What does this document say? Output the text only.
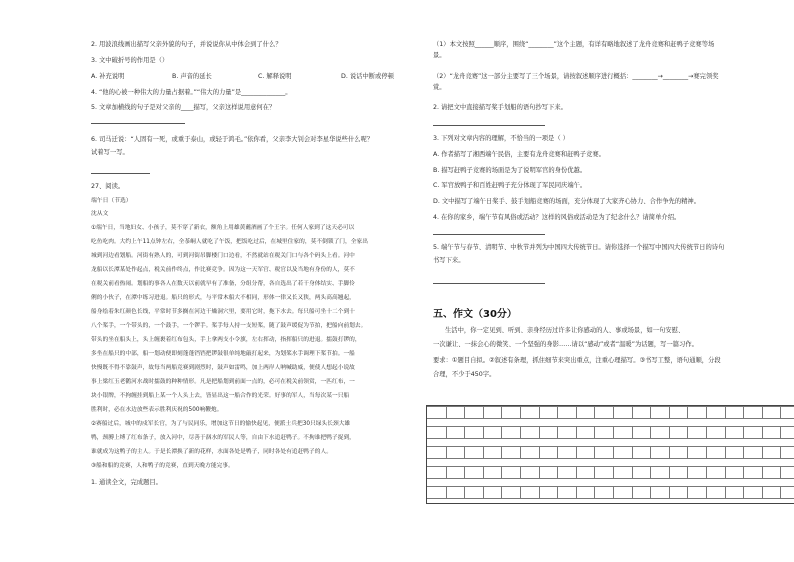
2. 用波浪线画出描写父亲外貌的句子，并说说你从中体会到了什么？
3. 文中破折号的作用是（）
A. 补充说明	B. 声音的延长	C. 解释说明	D. 说话中断或停顿
4. “他的心被一种伟大的力量占据着。”“伟大的力量”是______________。
5. 文章加横线的句子是对父亲的____描写，父亲这样说用意何在？
6. 司马迁说：“人固有一死，或重于泰山，或轻于鸿毛。”依你看，父亲李大钊会对李星华说些什么呢？
试着写一写。
27、阅读。
端午日（节选）
沈从文
①端午日，当地妇女、小孩子，莫不穿了新衣，额角上用雄黄蘸酒画了个王字。任何人家到了这天必可以
吃鱼吃肉。大约上午11点钟左右，全茶峒人就吃了午饭，把饭吃过后，在城里住家的，莫不倒锁了门，全家出
城到河边看划船。河街有熟人的，可到河街吊脚楼门口边看，不然就站在税关门口与各个码头上看。河中
龙船以长潭某处作起点，税关前作终点，作比赛竞争。因为这一天军官、税官以及当地有身份的人，莫不
在税关前看热闹。划船的事各人在数天以前就早有了准备，分组分帮，各自选出了若干身体结实、手脚伶
俐的小伙子，在潭中练习进退。船只的形式，与平常木船大不相同，形体一律又长又狭，两头高高翘起，
船身绘着朱红颜色长线，平常时节多搁在河边干燥洞穴里，要用它时，拖下水去。每只船可坐十二个到十
八个桨手，一个带头的，一个鼓手，一个锣手。桨手每人持一支短桨，随了鼓声缓促为节拍，把船向前划去。
带头的坐在船头上，头上缠裹着红布包头，手上拿两支小令旗，左右挥动，指挥船只的进退。擂鼓打锣的，
多坐在船只的中部，船一划动便即刻蓬蓬铛铛把锣鼓很单纯地敲打起来，为划桨水手调理下桨节拍。一船
快慢既不得不靠鼓声，故每当两船竞赛到剧烈时，鼓声如雷鸣，加上两岸人呐喊助威，便使人想起小说故
事上梁红玉老鹳河水战时擂鼓的种种情形。凡是把船划到前面一点的，必可在税关前领赏，一匹红布，一
块小银牌，不拘缠挂到船上某一个人头上去，皆显出这一船合作的光荣。好事的军人，当每次某一只船
胜利时，必在水边放些表示胜利庆祝的500响鞭炮。
②赛船过后，城中的戍军长官，为了与民同乐，增加这节日的愉快起见，便派士兵把30只绿头长颈大雄
鸭，颈膊上缚了红布条子，放入河中，尽善于泅水的军民人等，自由下水追赶鸭子。不拘谁把鸭子捉到，
谁就成为这鸭子的主人。于是长潭换了新的花样，水面各处是鸭子，同时各处有追赶鸭子的人。
③船和船的竞赛，人和鸭子的竞赛，直到天晚方能完事。
1. 通读全文，完成题目。
（1）本文按照______顺序，围绕“________”这个主题，有详有略地叙述了龙舟竞赛和赶鸭子竞赛等场
景。
（2）“龙舟竞赛”这一部分主要写了三个场景，请按叙述顺序进行概括：________→________→赛完领奖
赏。
2. 请把文中直接描写桨手划船的语句抄写下来。
3. 下列对文章内容的理解，不恰当的一项是（ ）
A. 作者描写了湘西端午民俗，主要有龙舟竞赛和赶鸭子竞赛。
B. 描写赶鸭子竞赛的场面是为了说明军官的身份优越。
C. 军官放鸭子和百姓赶鸭子充分体现了军民同庆端午。
D. 文中描写了端午日桨手、鼓手划船竞赛的场面，充分体现了大家齐心协力、合作争先的精神。
4. 在你的家乡，端午节有风俗或活动？这样的风俗或活动是为了纪念什么？请简单介绍。
5. 端午节与春节、清明节、中秋节并列为中国四大传统节日。请你选择一个描写中国四大传统节日的诗句
书写下来。
五、作文（30分）
生活中，你一定见到、听到、亲身经历过许多让你感动的人、事或场景，如一句安慰、
一次谦让、一抹会心的微笑、一个坚强的身影……请以“感动”或者“温暖”为话题，写一篇习作。
要求：①题目自拟。②叙述有条理，抓住细节来突出重点，注重心理描写。③书写工整，语句通顺，分段
合理，不少于450字。
